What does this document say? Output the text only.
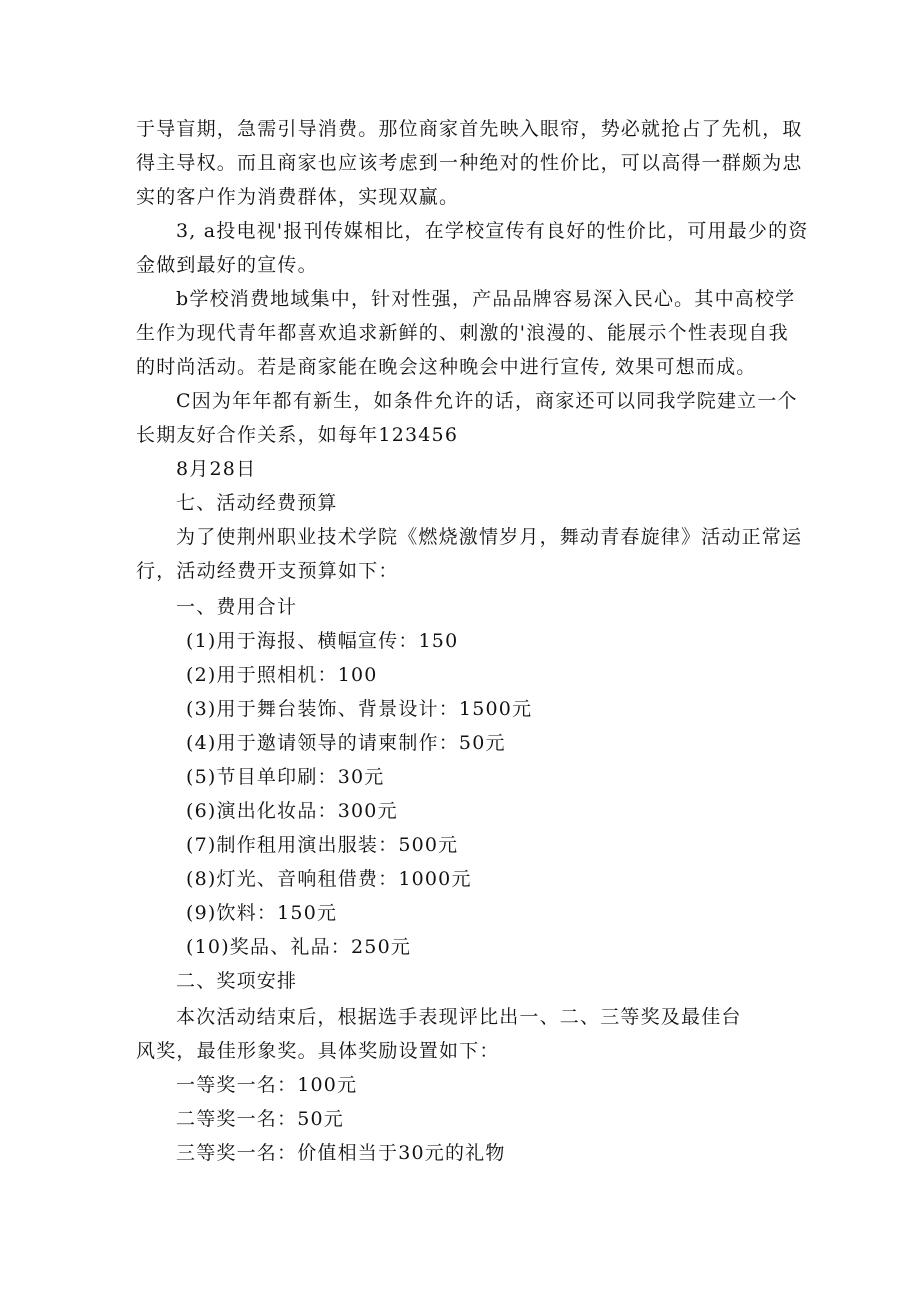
于导盲期，急需引导消费。那位商家首先映入眼帘，势必就抢占了先机，取
得主导权。而且商家也应该考虑到一种绝对的性价比，可以高得一群颇为忠
实的客户作为消费群体，实现双赢。
3, a投电视'报刊传媒相比，在学校宣传有良好的性价比，可用最少的资
金做到最好的宣传。
b学校消费地域集中，针对性强，产品品牌容易深入民心。其中高校学
生作为现代青年都喜欢追求新鲜的、刺激的'浪漫的、能展示个性表现自我
的时尚活动。若是商家能在晚会这种晚会中进行宣传, 效果可想而成。
C因为年年都有新生，如条件允许的话，商家还可以同我学院建立一个
长期友好合作关系，如每年123456
8月28日
七、活动经费预算
为了使荆州职业技术学院《燃烧激情岁月，舞动青春旋律》活动正常运
行，活动经费开支预算如下：
一、费用合计
(1)用于海报、横幅宣传：150
(2)用于照相机：100
(3)用于舞台装饰、背景设计：1500元
(4)用于邀请领导的请柬制作：50元
(5)节目单印刷：30元
(6)演出化妆品：300元
(7)制作租用演出服装：500元
(8)灯光、音响租借费：1000元
(9)饮料：150元
(10)奖品、礼品：250元
二、奖项安排
本次活动结束后，根据选手表现评比出一、二、三等奖及最佳台
风奖，最佳形象奖。具体奖励设置如下：
一等奖一名：100元
二等奖一名：50元
三等奖一名：价值相当于30元的礼物
